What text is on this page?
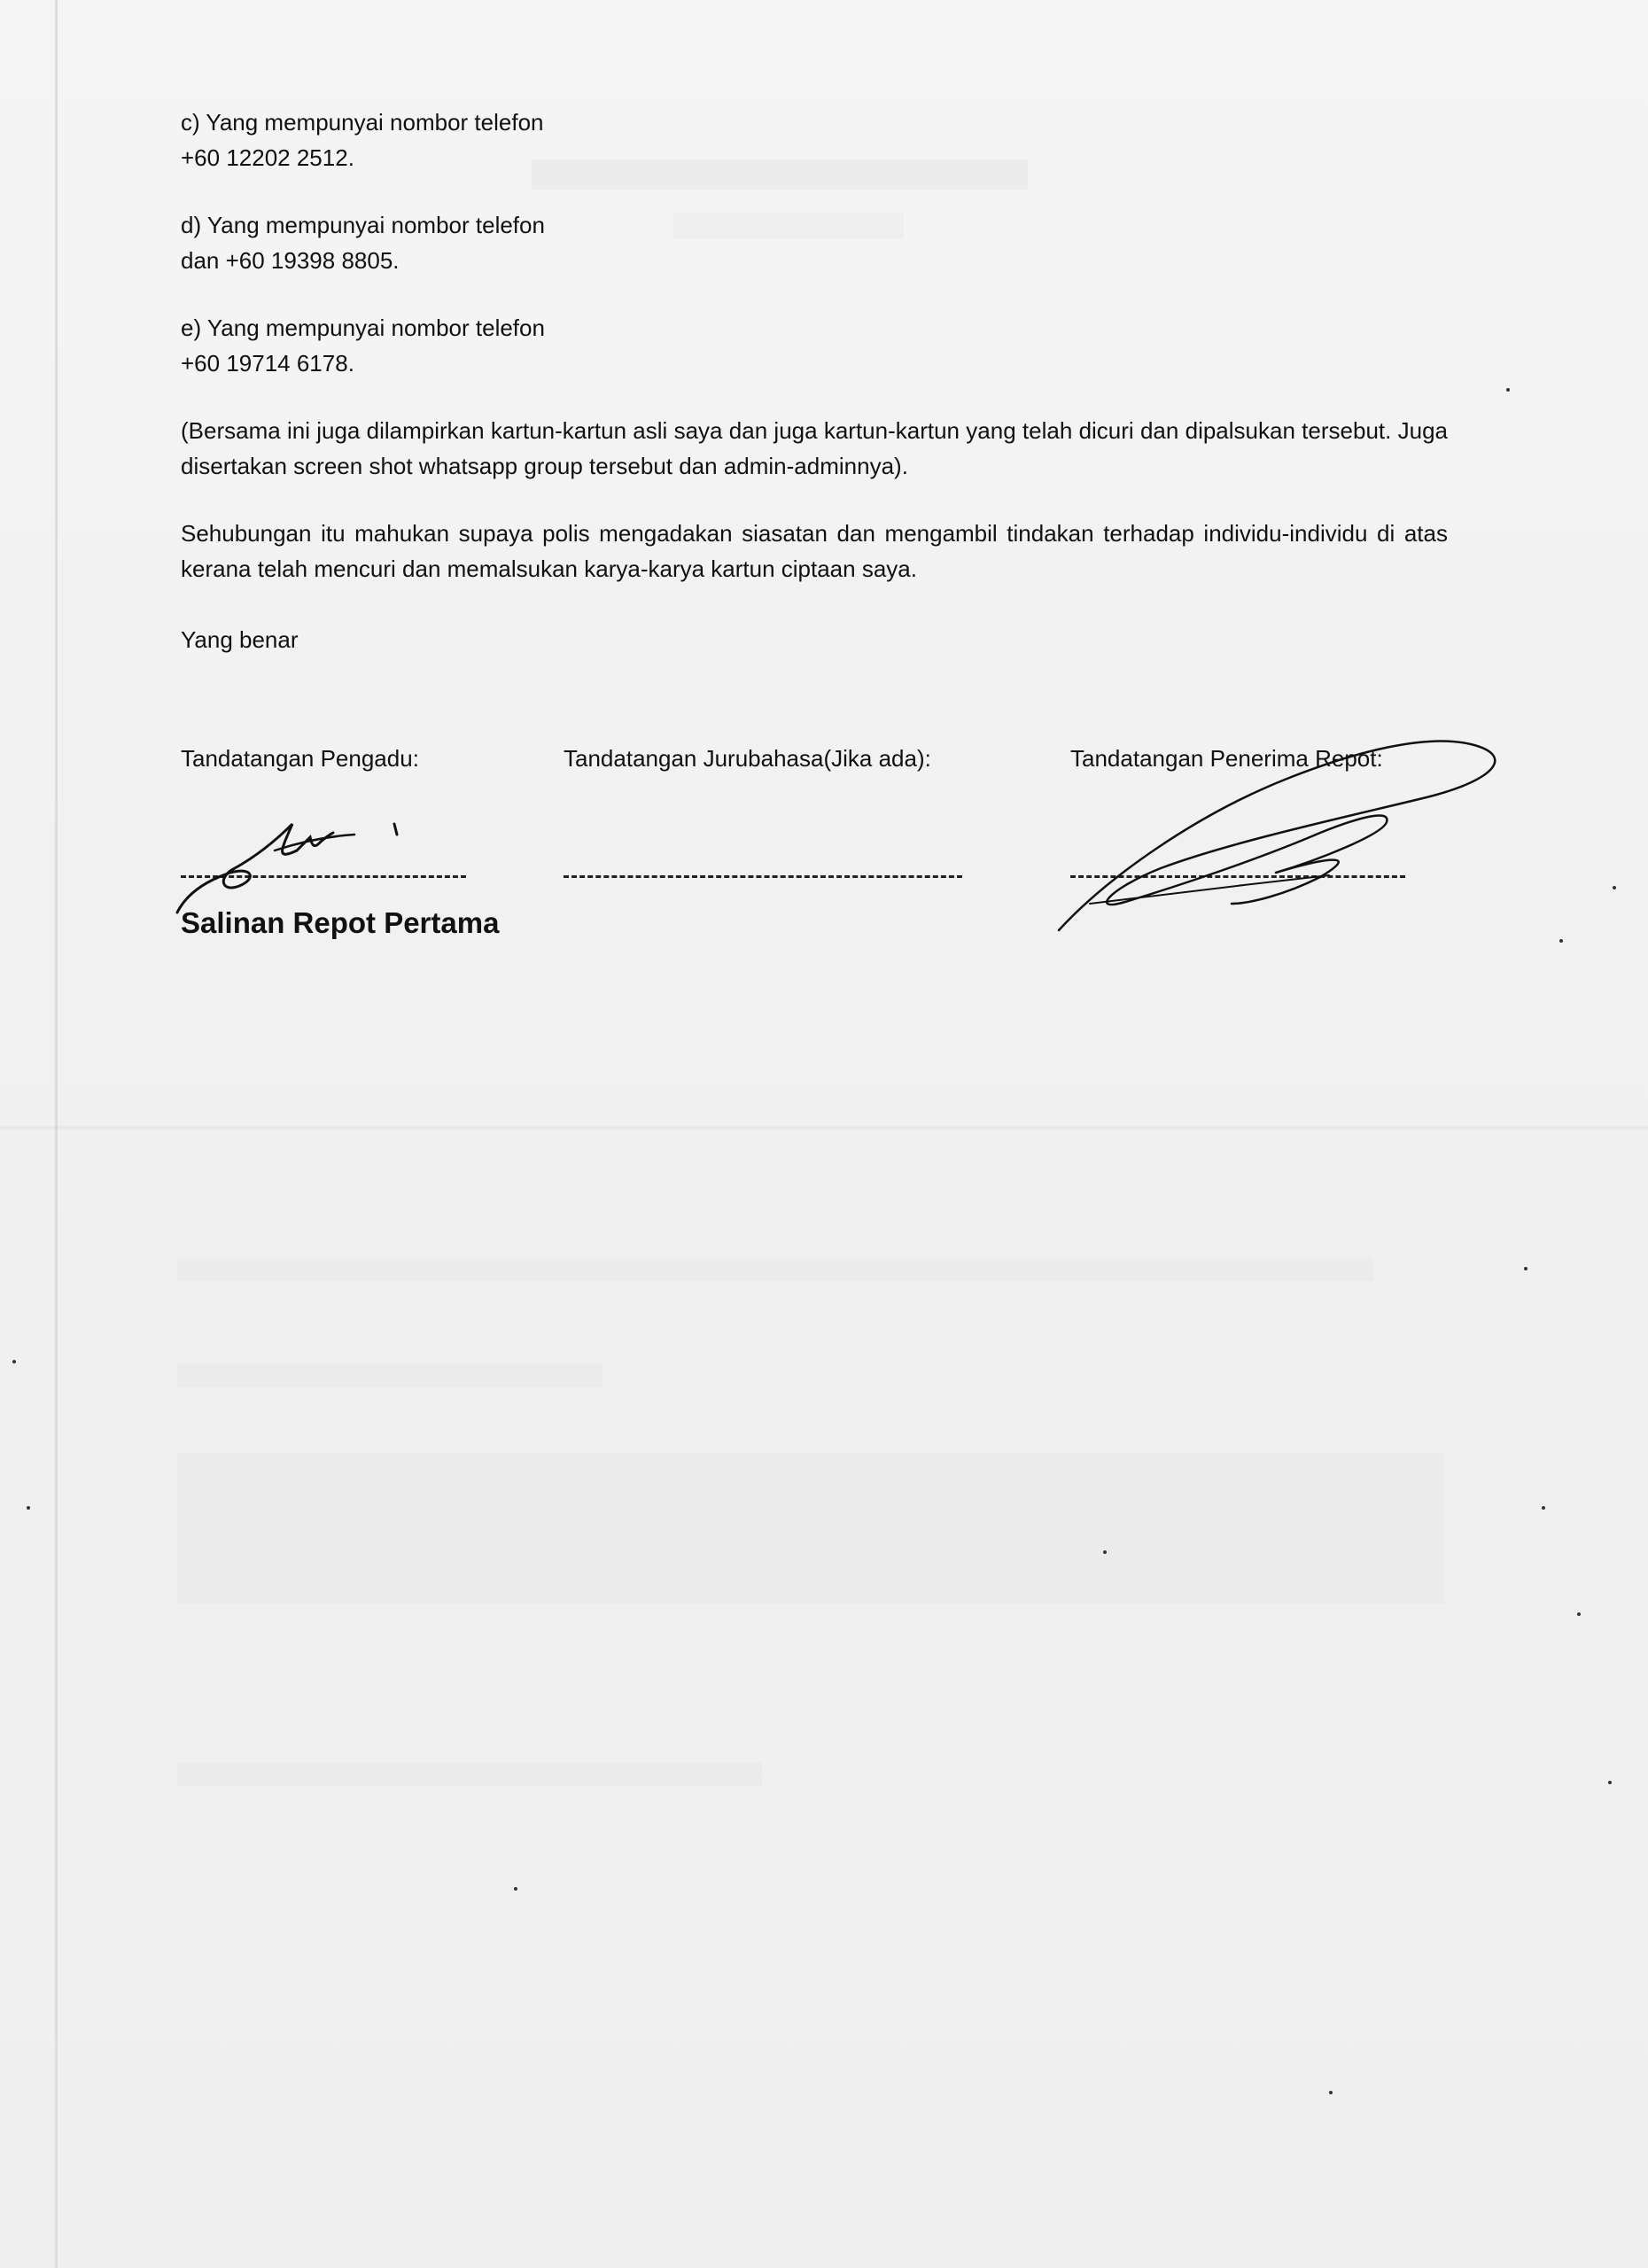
c) Yang mempunyai nombor telefon
+60 12202 2512.
d) Yang mempunyai nombor telefon
dan +60 19398 8805.
e) Yang mempunyai nombor telefon
+60 19714 6178.
(Bersama ini juga dilampirkan kartun-kartun asli saya dan juga kartun-kartun yang telah dicuri dan dipalsukan tersebut. Juga disertakan screen shot whatsapp group tersebut dan admin-adminnya).
Sehubungan itu mahukan supaya polis mengadakan siasatan dan mengambil tindakan terhadap individu-individu di atas kerana telah mencuri dan memalsukan karya-karya kartun ciptaan saya.
Yang benar
Tandatangan Pengadu:	Tandatangan Jurubahasa(Jika ada):	Tandatangan Penerima Repot:
Salinan Repot Pertama
